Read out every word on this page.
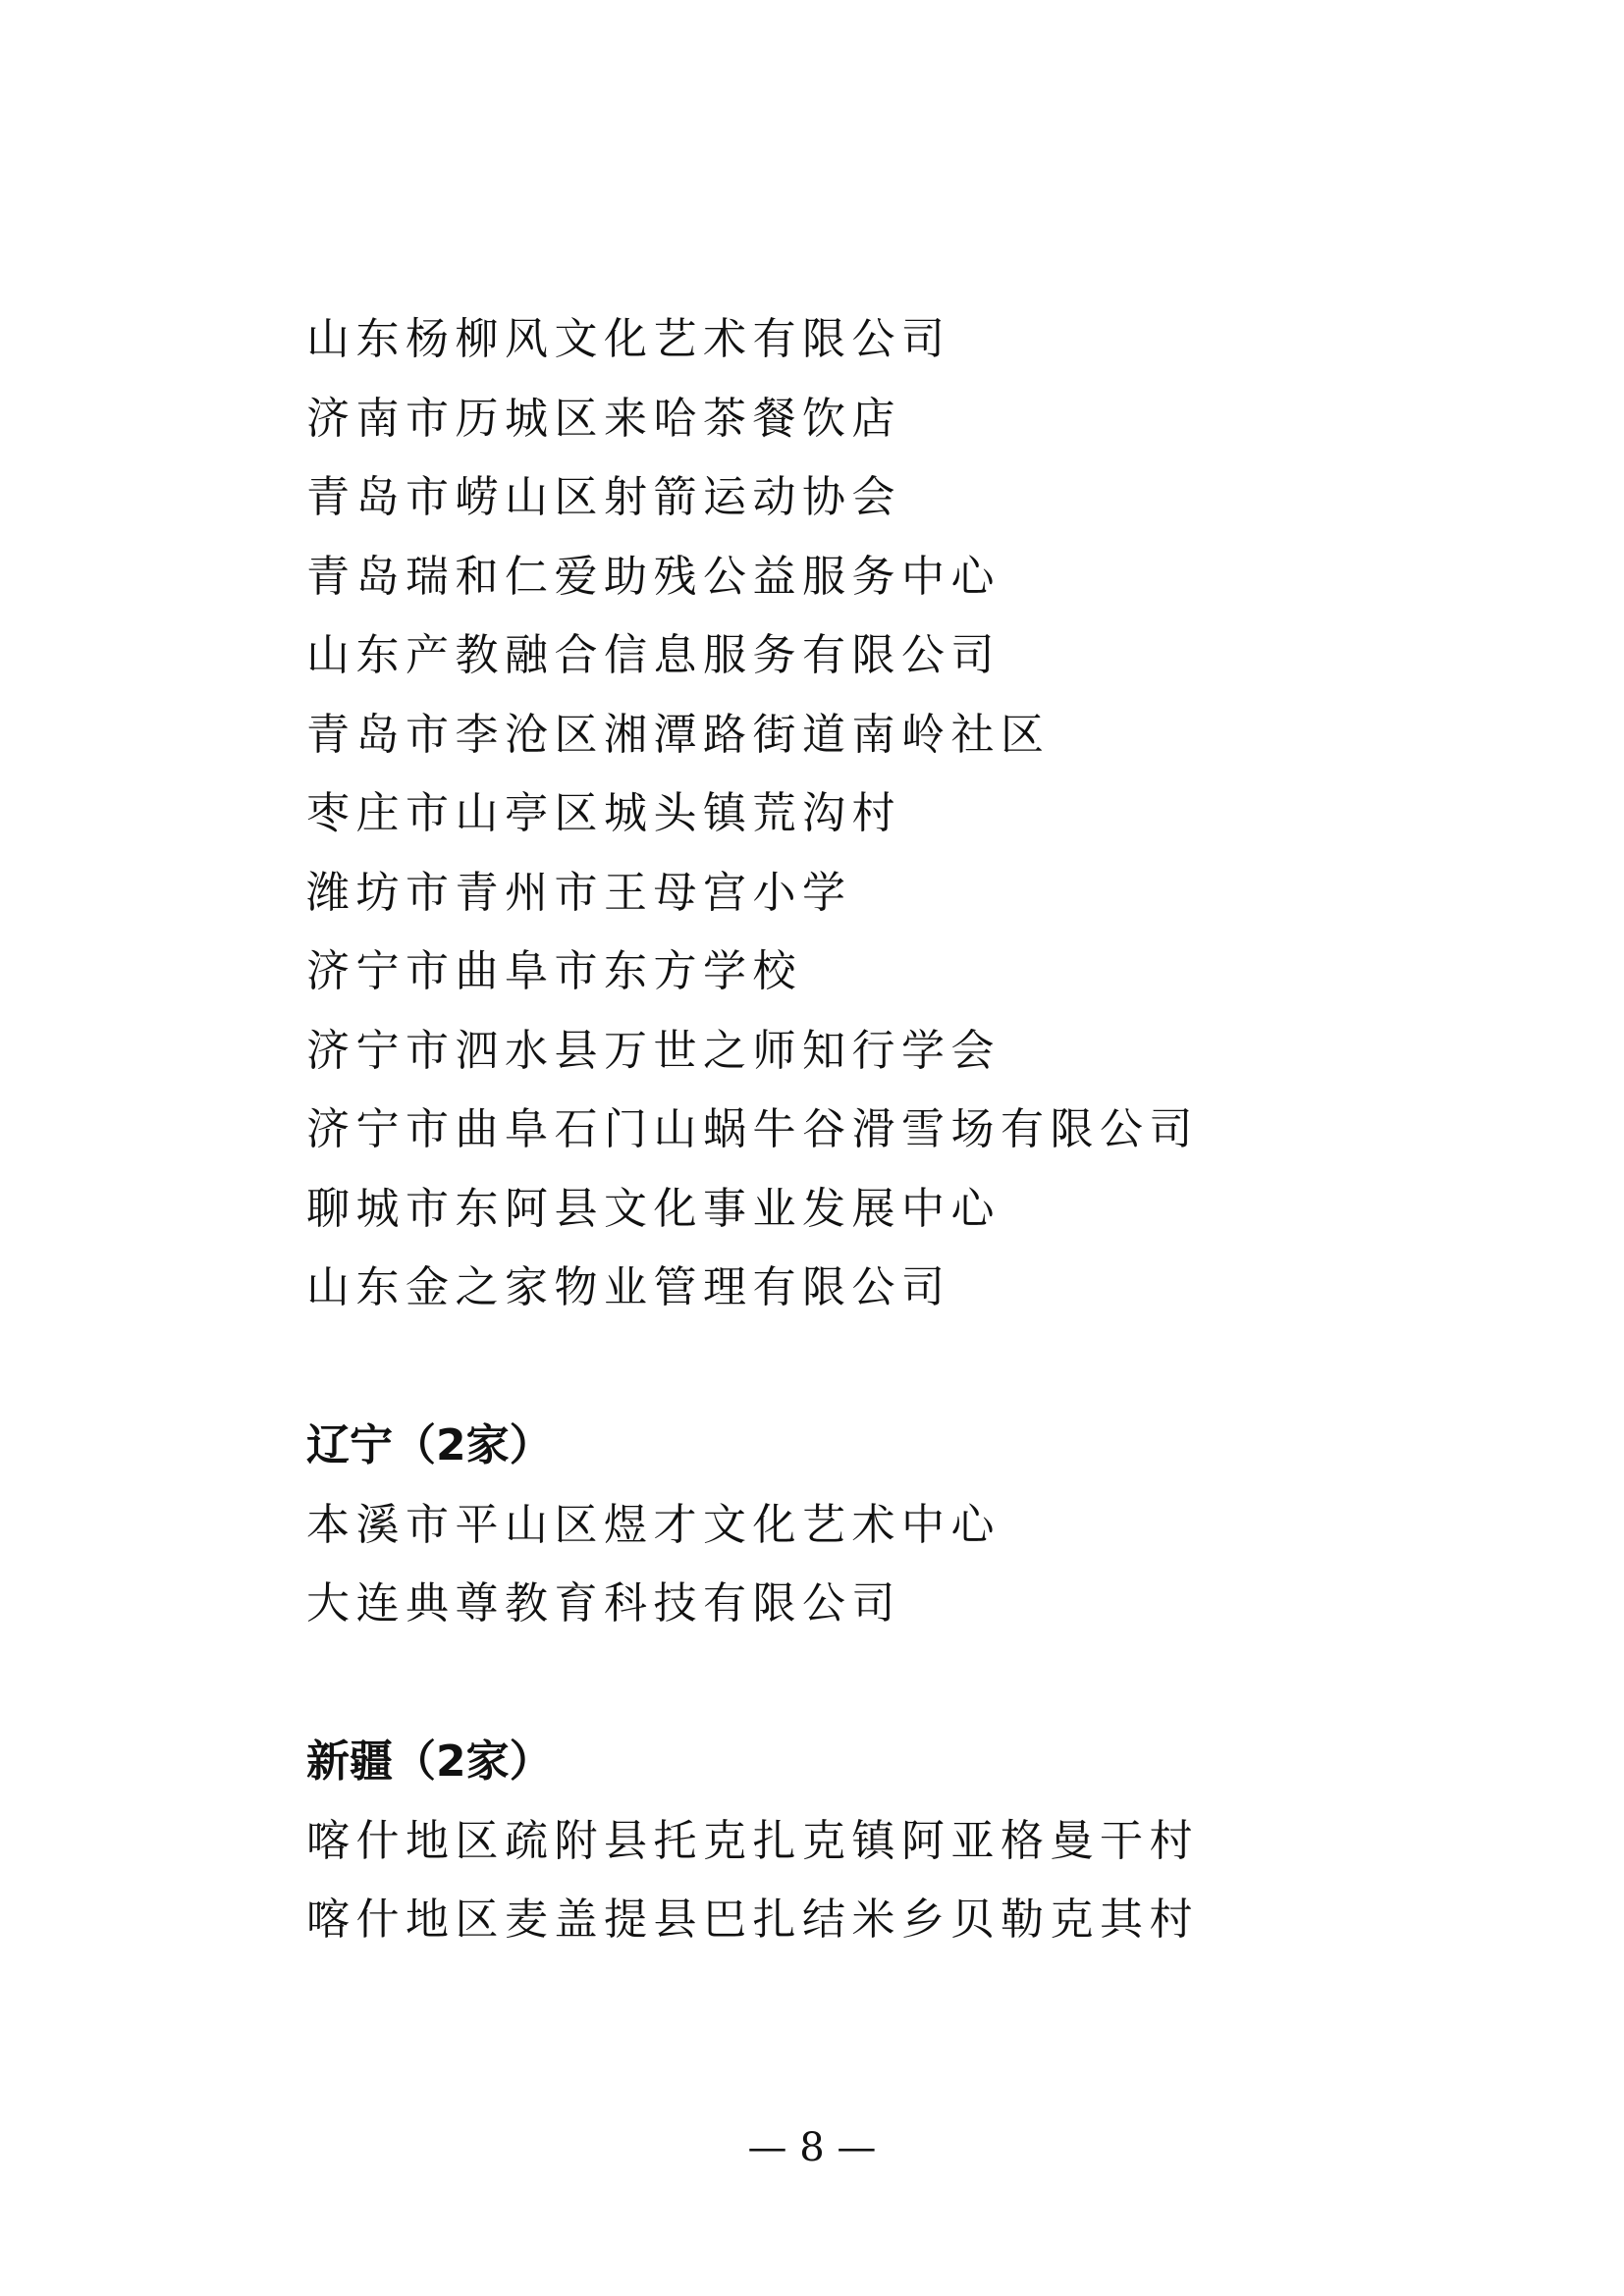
山东杨柳风文化艺术有限公司
济南市历城区来哈茶餐饮店
青岛市崂山区射箭运动协会
青岛瑞和仁爱助残公益服务中心
山东产教融合信息服务有限公司
青岛市李沧区湘潭路街道南岭社区
枣庄市山亭区城头镇荒沟村
潍坊市青州市王母宫小学
济宁市曲阜市东方学校
济宁市泗水县万世之师知行学会
济宁市曲阜石门山蜗牛谷滑雪场有限公司
聊城市东阿县文化事业发展中心
山东金之家物业管理有限公司
辽宁（2家）
本溪市平山区煜才文化艺术中心
大连典尊教育科技有限公司
新疆（2家）
喀什地区疏附县托克扎克镇阿亚格曼干村
喀什地区麦盖提县巴扎结米乡贝勒克其村
— 8 —
